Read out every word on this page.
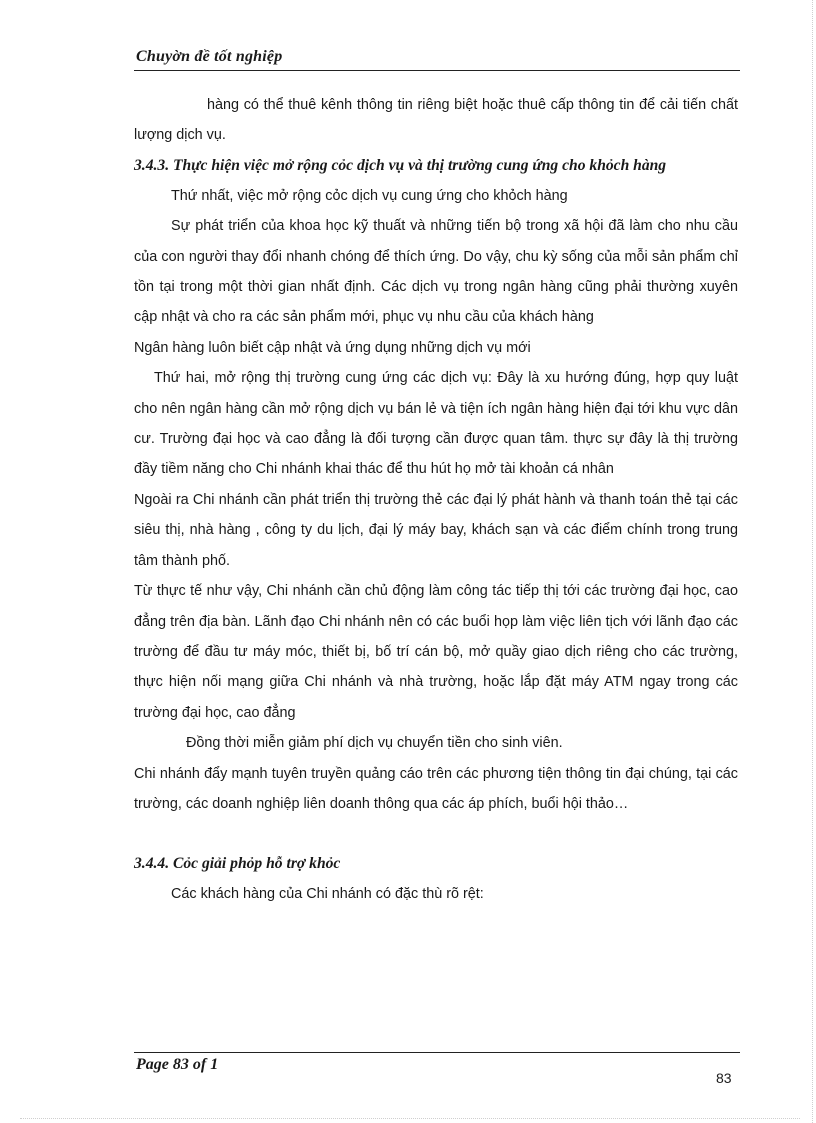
Chuyờn đề tốt nghiệp

hàng có thể thuê kênh thông tin riêng biệt hoặc thuê cấp thông tin để cải tiến chất lượng dịch vụ.

3.4.3. Thực hiện việc mở rộng cỏc dịch vụ và thị trường cung ứng cho khỏch hàng

Thứ nhất, việc mở rộng cỏc dịch vụ cung ứng cho khỏch hàng

Sự phát triển của khoa học kỹ thuất và những tiến bộ trong xã hội đã làm cho nhu cầu của con người thay đổi nhanh chóng để thích ứng. Do vậy, chu kỳ sống của mỗi sản phẩm chỉ tồn tại trong một thời gian nhất định. Các dịch vụ trong ngân hàng cũng phải thường xuyên cập nhật và cho ra các sản phẩm mới, phục vụ nhu cầu của khách hàng

Ngân hàng luôn biết cập nhật và ứng dụng những dịch vụ mới

Thứ hai, mở rộng thị trường cung ứng các dịch vụ: Đây là xu hướng đúng, hợp quy luật cho nên ngân hàng cần mở rộng dịch vụ bán lẻ và tiện ích ngân hàng hiện đại tới khu vực dân cư. Trường đại học và cao đẳng là đối tượng cần được quan tâm. thực sự đây là thị trường đầy tiềm năng cho Chi nhánh khai thác để thu hút họ mở tài khoản cá nhân

Ngoài ra Chi nhánh cần phát triển thị trường thẻ các đại lý phát hành và thanh toán thẻ tại các siêu thị, nhà hàng , công ty du lịch, đại lý máy bay, khách sạn và các điểm chính trong trung tâm thành phố.

Từ thực tế như vậy, Chi nhánh cần chủ động làm công tác tiếp thị tới các trường đại học, cao đẳng trên địa bàn. Lãnh đạo Chi nhánh nên có các buổi họp làm việc liên tịch với lãnh đạo các trường để đầu tư máy móc, thiết bị, bố trí cán bộ, mở quầy giao dịch riêng cho các trường, thực hiện nối mạng giữa Chi nhánh và nhà trường, hoặc lắp đặt máy ATM ngay trong các trường đại học, cao đẳng

Đồng thời miễn giảm phí dịch vụ chuyển tiền cho sinh viên.

Chi nhánh đẩy mạnh tuyên truyền quảng cáo trên các phương tiện thông tin đại chúng, tại các trường, các doanh nghiệp liên doanh thông qua các áp phích, buổi hội thảo…

3.4.4. Cỏc giải phỏp hỗ trợ khỏc

Các khách hàng của Chi nhánh có đặc thù rõ rệt:

Page 83 of 1
83
